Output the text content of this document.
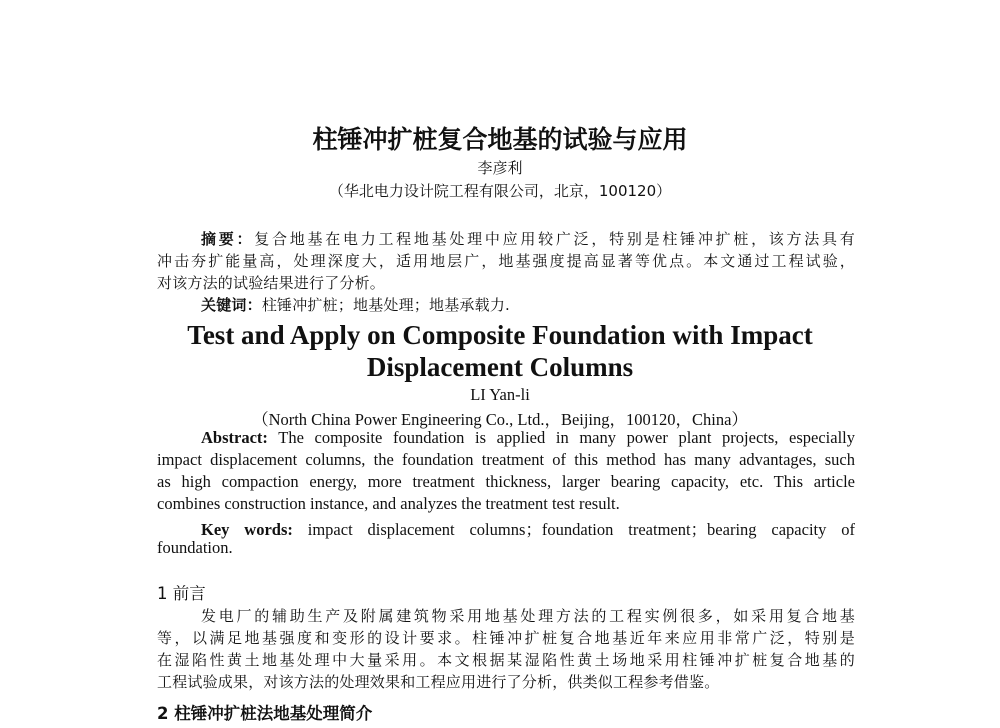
柱锤冲扩桩复合地基的试验与应用
李彦利
（华北电力设计院工程有限公司，北京，100120）
摘要：复合地基在电力工程地基处理中应用较广泛，特别是柱锤冲扩桩，该方法具有
冲击夯扩能量高，处理深度大，适用地层广，地基强度提高显著等优点。本文通过工程试验，
对该方法的试验结果进行了分析。
关键词：柱锤冲扩桩；地基处理；地基承载力.
Test and Apply on Composite Foundation with Impact
Displacement Columns
LI Yan-li
（North China Power Engineering Co., Ltd.，Beijing，100120，China）
Abstract: The composite foundation is applied in many power plant projects, especially
impact displacement columns, the foundation treatment of this method has many advantages, such
as high compaction energy, more treatment thickness, larger bearing capacity, etc. This article
combines construction instance, and analyzes the treatment test result.
Key words: impact displacement columns；foundation treatment；bearing capacity of
foundation.
1 前言
发电厂的辅助生产及附属建筑物采用地基处理方法的工程实例很多，如采用复合地基
等，以满足地基强度和变形的设计要求。柱锤冲扩桩复合地基近年来应用非常广泛，特别是
在湿陷性黄土地基处理中大量采用。本文根据某湿陷性黄土场地采用柱锤冲扩桩复合地基的
工程试验成果，对该方法的处理效果和工程应用进行了分析，供类似工程参考借鉴。
2 柱锤冲扩桩法地基处理简介
